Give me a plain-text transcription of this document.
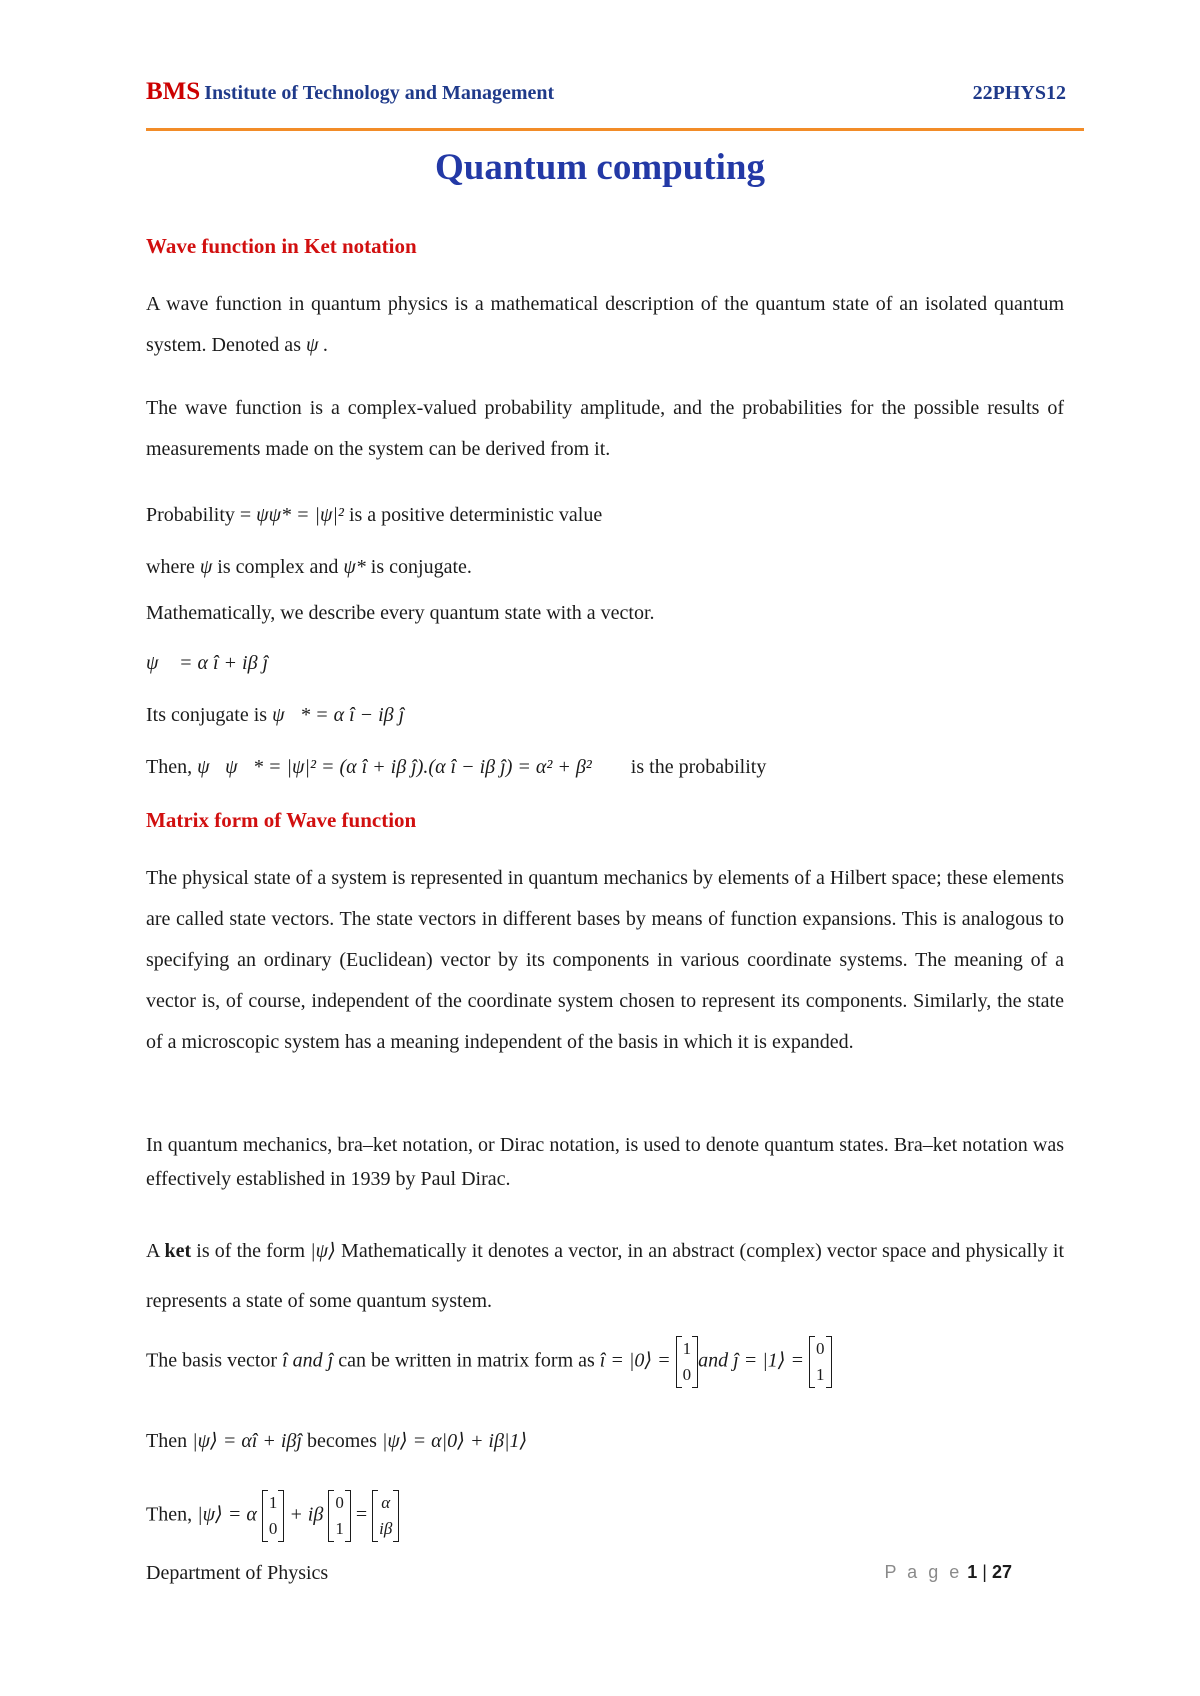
BMS Institute of Technology and Management	22PHYS12
Quantum computing
Wave function in Ket notation
A wave function in quantum physics is a mathematical description of the quantum state of an isolated quantum system. Denoted as ψ .
The wave function is a complex-valued probability amplitude, and the probabilities for the possible results of measurements made on the system can be derived from it.
Probability = ψψ* = |ψ|² is a positive deterministic value
where ψ is complex and ψ* is conjugate.
Mathematically, we describe every quantum state with a vector.
ψ⃗ = α î + iβ ĵ
Its conjugate is ψ⃗* = α î − iβ ĵ
Then, ψ⃗ψ⃗* = |ψ|² = (α î + iβ ĵ).(α î − iβ ĵ) = α² + β² is the probability
Matrix form of Wave function
The physical state of a system is represented in quantum mechanics by elements of a Hilbert space; these elements are called state vectors. The state vectors in different bases by means of function expansions. This is analogous to specifying an ordinary (Euclidean) vector by its components in various coordinate systems. The meaning of a vector is, of course, independent of the coordinate system chosen to represent its components. Similarly, the state of a microscopic system has a meaning independent of the basis in which it is expanded.
In quantum mechanics, bra–ket notation, or Dirac notation, is used to denote quantum states. Bra–ket notation was effectively established in 1939 by Paul Dirac.
A ket is of the form |ψ⟩ Mathematically it denotes a vector, in an abstract (complex) vector space and physically it represents a state of some quantum system.
The basis vector î and ĵ can be written in matrix form as î = |0⟩ =
1
0
and ĵ = |1⟩ =
0
1
Then |ψ⟩ = αî + iβĵ becomes |ψ⟩ = α|0⟩ + iβ|1⟩
Then, |ψ⟩ = α
1
0
+ iβ
0
1
=
α
iβ
Department of Physics	P a g e 1 | 27
